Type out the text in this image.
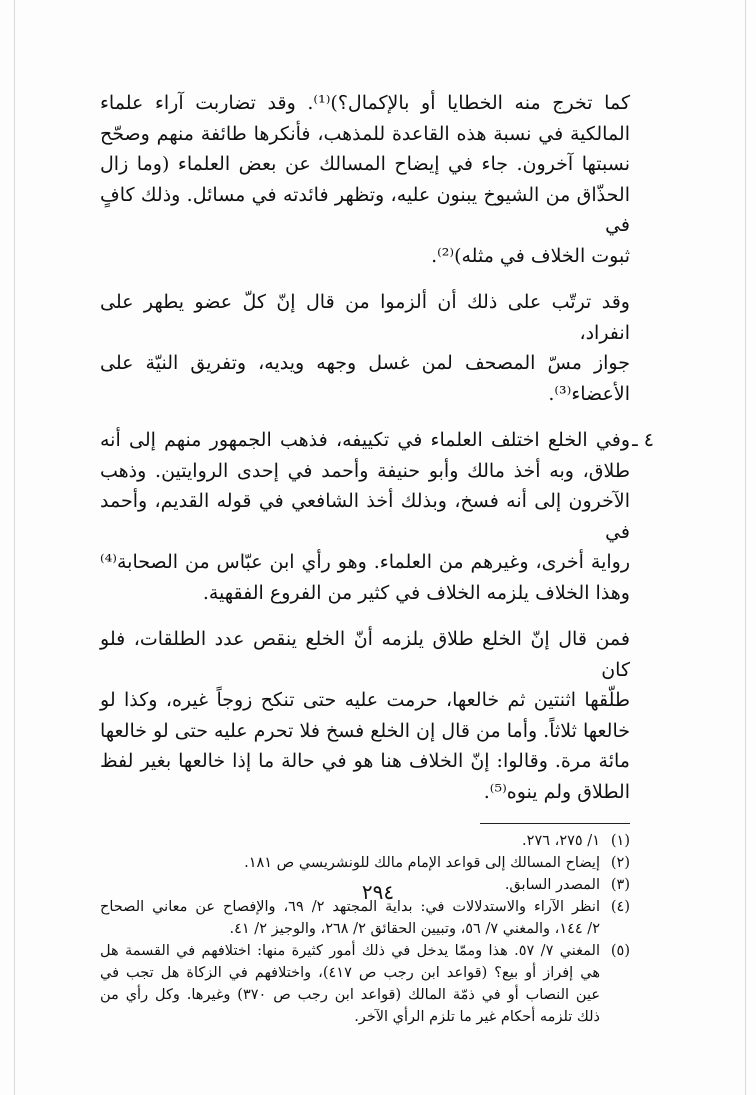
كما تخرج منه الخطايا أو بالإكمال؟)⁽¹⁾. وقد تضاربت آراء علماء
المالكية في نسبة هذه القاعدة للمذهب، فأنكرها طائفة منهم وصحّح
نسبتها آخرون. جاء في إيضاح المسالك عن بعض العلماء (وما زال
الحذّاق من الشيوخ يبنون عليه، وتظهر فائدته في مسائل. وذلك كافٍ في
ثبوت الخلاف في مثله)⁽²⁾.

وقد ترتّب على ذلك أن ألزموا من قال إنّ كلّ عضو يطهر على انفراد،
جواز مسّ المصحف لمن غسل وجهه ويديه، وتفريق النيّة على الأعضاء⁽³⁾.

٤ ـ
وفي الخلع اختلف العلماء في تكييفه، فذهب الجمهور منهم إلى أنه
طلاق، وبه أخذ مالك وأبو حنيفة وأحمد في إحدى الروايتين. وذهب
الآخرون إلى أنه فسخ، وبذلك أخذ الشافعي في قوله القديم، وأحمد في
رواية أخرى، وغيرهم من العلماء. وهو رأي ابن عبّاس من الصحابة⁽⁴⁾
وهذا الخلاف يلزمه الخلاف في كثير من الفروع الفقهية.

فمن قال إنّ الخلع طلاق يلزمه أنّ الخلع ينقص عدد الطلقات، فلو كان
طلّقها اثنتين ثم خالعها، حرمت عليه حتى تنكح زوجاً غيره، وكذا لو
خالعها ثلاثاً. وأما من قال إن الخلع فسخ فلا تحرم عليه حتى لو خالعها
مائة مرة. وقالوا: إنّ الخلاف هنا هو في حالة ما إذا خالعها بغير لفظ
الطلاق ولم ينوه⁽⁵⁾.

(١)
١/ ٢٧٥، ٢٧٦.
(٢)
إيضاح المسالك إلى قواعد الإمام مالك للونشريسي ص ١٨١.
(٣)
المصدر السابق.
(٤)
انظر الآراء والاستدلالات في: بداية المجتهد ٢/ ٦٩، والإفصاح عن معاني الصحاح
٢/ ١٤٤، والمغني ٧/ ٥٦، وتبيين الحقائق ٢/ ٢٦٨، والوجيز ٢/ ٤١.
(٥)
المغني ٧/ ٥٧. هذا وممّا يدخل في ذلك أمور كثيرة منها: اختلافهم في القسمة هل
هي إفراز أو بيع؟ (قواعد ابن رجب ص ٤١٧)، واختلافهم في الزكاة هل تجب في
عين النصاب أو في ذمّة المالك (قواعد ابن رجب ص ٣٧٠) وغيرها. وكل رأي من
ذلك تلزمه أحكام غير ما تلزم الرأي الآخر.
٢٩٤
